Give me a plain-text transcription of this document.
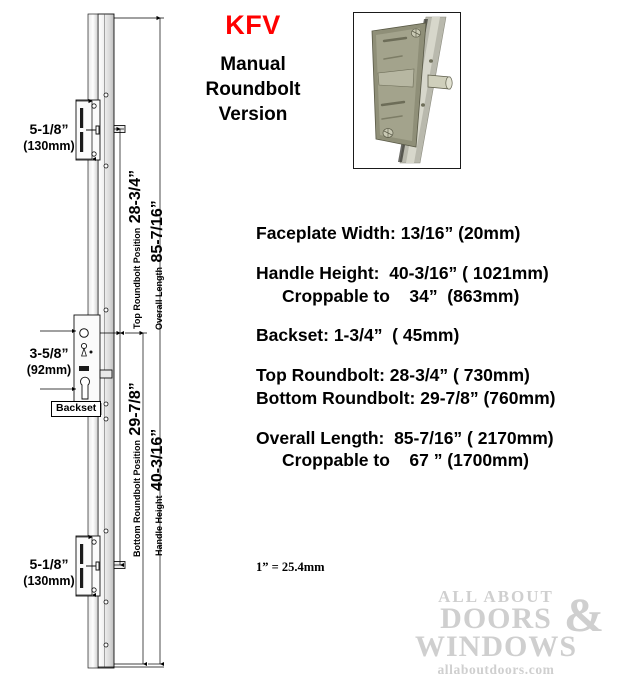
KFV
Manual
Roundbolt
Version
Faceplate Width: 13/16” (20mm)
Handle Height:  40-3/16” ( 1021mm)
Croppable to    34”  (863mm)
Backset: 1-3/4”  ( 45mm)
Top Roundbolt: 28-3/4” ( 730mm)
Bottom Roundbolt: 29-7/8” (760mm)
Overall Length:  85-7/16” ( 2170mm)
Croppable to    67 ” (1700mm)
1” = 25.4mm
5-1/8”
(130mm)
3-5/8”
(92mm)
5-1/8”
(130mm)
Backset
Top Roundbolt Position 28-3/4”
Bottom Roundbolt Position 29-7/8”
Overall Length 85-7/16”
Handle Height 40-3/16”
ALL ABOUT
DOORS
WINDOWS
allaboutdoors.com
&
